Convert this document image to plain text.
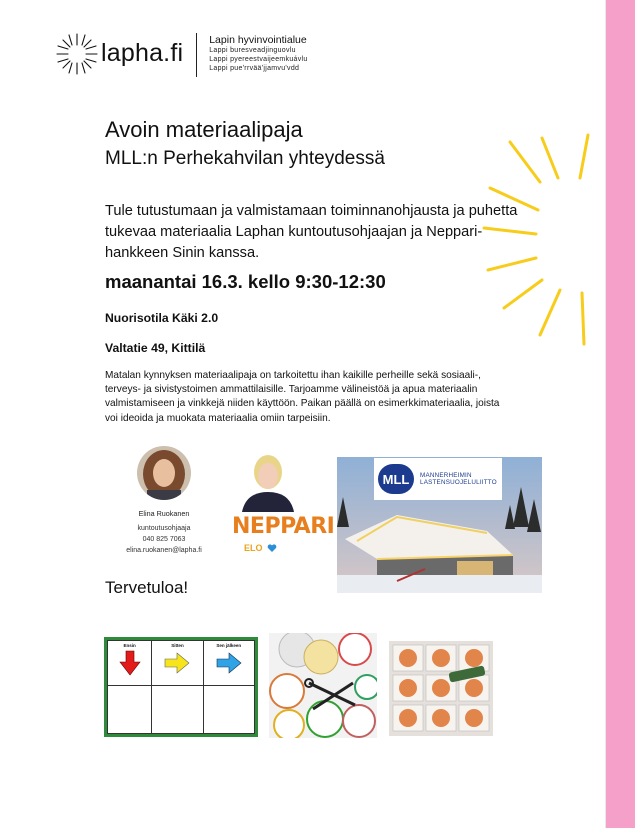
lapha.fi Lapin hyvinvointialue
Lappi buresveadjinguovlu
Lappi pyereestvaijeemkuávlu
Lappi pueʹrrvääʹjjamvuʹvdd
Avoin materiaalipaja
MLL:n Perhekahvilan yhteydessä
Tule tutustumaan ja valmistamaan toiminnanohjausta ja puhetta tukevaa materiaalia Laphan kuntoutusohjaajan ja Neppari-hankkeen Sinin kanssa.
maanantai 16.3. kello 9:30-12:30
Nuorisotila Käki 2.0
Valtatie 49, Kittilä
Matalan kynnyksen materiaalipaja on tarkoitettu ihan kaikille perheille sekä sosiaali-, terveys- ja sivistystoimen ammattilaisille. Tarjoamme välineistöä ja apua materiaalin valmistamiseen ja vinkkejä niiden käyttöön. Paikan päällä on esimerkkimateriaalia, joista voi ideoida ja muokata materiaalia omiin tarpeisiin.
Elina Ruokanen
kuntoutusohjaaja
040 825 7063
elina.ruokanen@lapha.fi
NEPPARI
ELO
MLL	MANNERHEIMIN
LASTENSUOJELULIITTO
Tervetuloa!
Ensin	Sitten	Sen jälkeen
